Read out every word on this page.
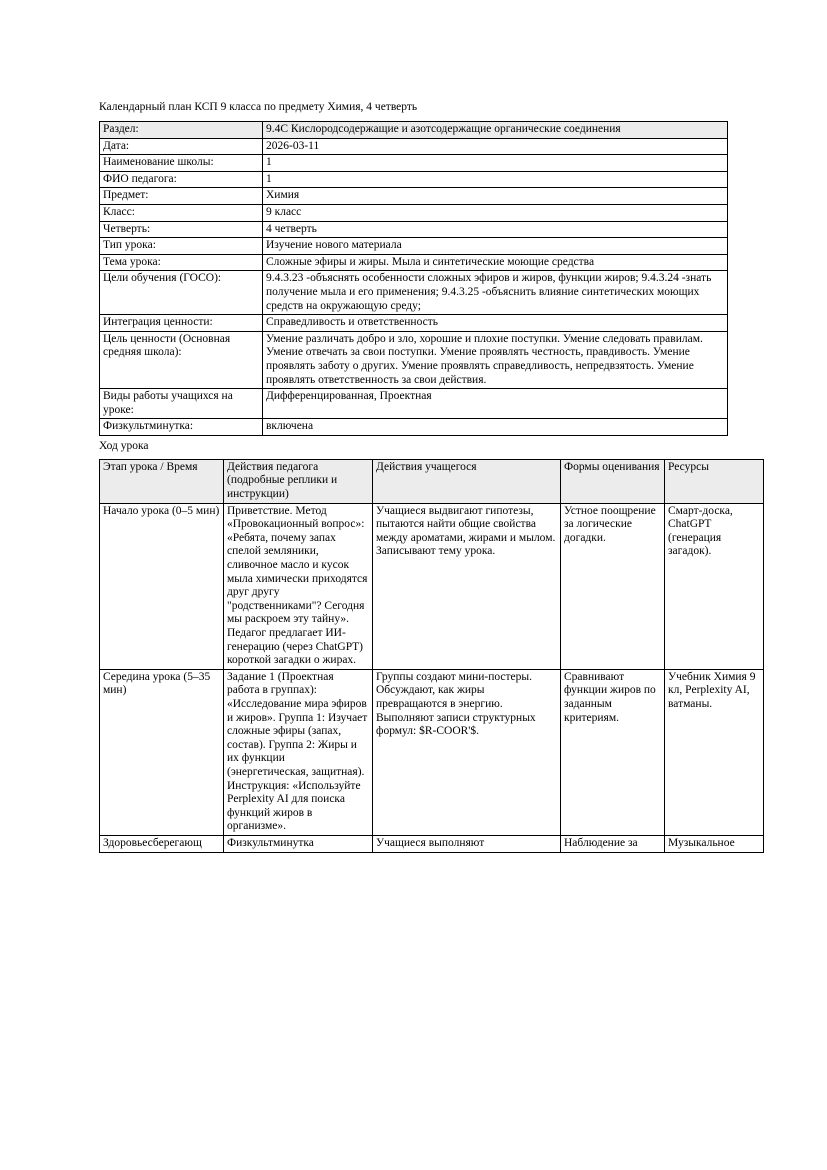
Календарный план КСП 9 класса по предмету Химия, 4 четверть

Раздел:	9.4C Кислородсодержащие и азотсодержащие органические соединения
Дата:	2026-03-11
Наименование школы:	1
ФИО педагога:	1
Предмет:	Химия
Класс:	9 класс
Четверть:	4 четверть
Тип урока:	Изучение нового материала
Тема урока:	Сложные эфиры и жиры. Мыла и синтетические моющие средства
Цели обучения (ГОСО):	9.4.3.23 -объяснять особенности сложных эфиров и жиров, функции жиров; 9.4.3.24 -знать получение мыла и его применения; 9.4.3.25 -объяснить влияние синтетических моющих средств на окружающую среду;
Интеграция ценности:	Справедливость и ответственность
Цель ценности (Основная средняя школа):	Умение различать добро и зло, хорошие и плохие поступки. Умение следовать правилам. Умение отвечать за свои поступки. Умение проявлять честность, правдивость. Умение проявлять заботу о других. Умение проявлять справедливость, непредвзятость. Умение проявлять ответственность за свои действия.
Виды работы учащихся на уроке:	Дифференцированная, Проектная
Физкультминутка:	включена

Ход урока

Этап урока / Время	Действия педагога (подробные реплики и инструкции)	Действия учащегося	Формы оценивания	Ресурсы
Начало урока (0–5 мин)	Приветствие. Метод «Провокационный вопрос»: «Ребята, почему запах спелой земляники, сливочное масло и кусок мыла химически приходятся друг другу "родственниками"? Сегодня мы раскроем эту тайну». Педагог предлагает ИИ-генерацию (через ChatGPT) короткой загадки о жирах.	Учащиеся выдвигают гипотезы, пытаются найти общие свойства между ароматами, жирами и мылом. Записывают тему урока.	Устное поощрение за логические догадки.	Смарт-доска, ChatGPT (генерация загадок).
Середина урока (5–35 мин)	Задание 1 (Проектная работа в группах): «Исследование мира эфиров и жиров». Группа 1: Изучает сложные эфиры (запах, состав). Группа 2: Жиры и их функции (энергетическая, защитная). Инструкция: «Используйте Perplexity AI для поиска функций жиров в организме».	Группы создают мини-постеры. Обсуждают, как жиры превращаются в энергию. Выполняют записи структурных формул: $R-COOR'$.	Сравнивают функции жиров по заданным критериям.	Учебник Химия 9 кл, Perplexity AI, ватманы.
Здоровьесберегающ	Физкультминутка	Учащиеся выполняют	Наблюдение за	Музыкальное
